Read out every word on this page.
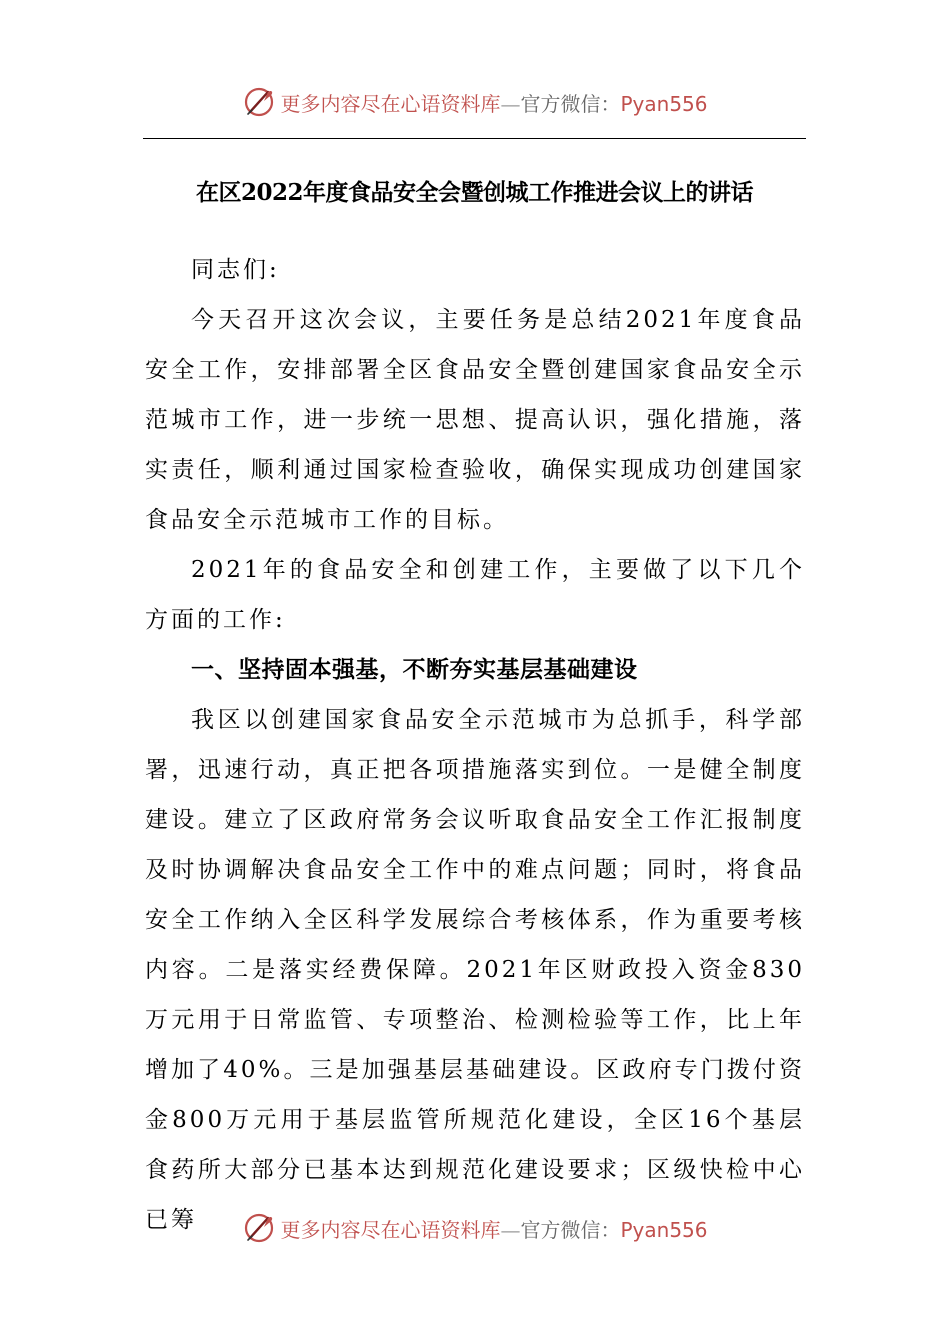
更多内容尽在心语资料库—官方微信：Pyan556
在区2022年度食品安全会暨创城工作推进会议上的讲话

同志们:

今天召开这次会议，主要任务是总结2021年度食品安全工作，安排部署全区食品安全暨创建国家食品安全示范城市工作，进一步统一思想、提高认识，强化措施，落实责任，顺利通过国家检查验收，确保实现成功创建国家食品安全示范城市工作的目标。

2021年的食品安全和创建工作，主要做了以下几个方面的工作:

一、坚持固本强基，不断夯实基层基础建设

我区以创建国家食品安全示范城市为总抓手，科学部署，迅速行动，真正把各项措施落实到位。一是健全制度建设。建立了区政府常务会议听取食品安全工作汇报制度及时协调解决食品安全工作中的难点问题；同时，将食品安全工作纳入全区科学发展综合考核体系，作为重要考核内容。二是落实经费保障。2021年区财政投入资金830万元用于日常监管、专项整治、检测检验等工作，比上年增加了40%。三是加强基层基础建设。区政府专门拨付资金800万元用于基层监管所规范化建设，全区16个基层食药所大部分已基本达到规范化建设要求；区级快检中心已筹	更多内容尽在心语资料库—官方微信：Pyan556
